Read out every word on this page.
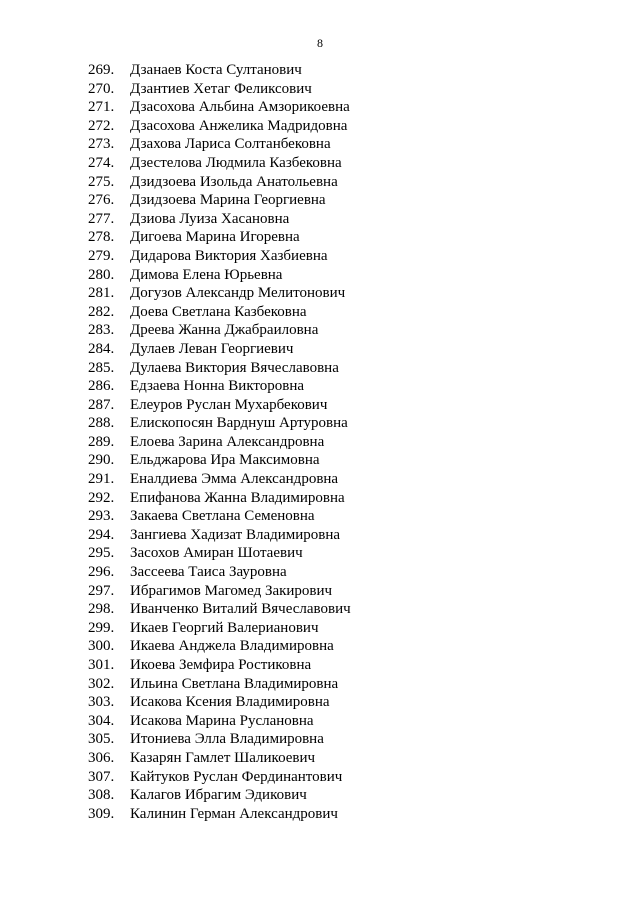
8
269.	Дзанаев Коста Султанович
270.	Дзантиев Хетаг Феликсович
271.	Дзасохова Альбина Амзорикоевна
272.	Дзасохова Анжелика Мадридовна
273.	Дзахова Лариса Солтанбековна
274.	Дзестелова Людмила Казбековна
275.	Дзидзоева Изольда Анатольевна
276.	Дзидзоева Марина Георгиевна
277.	Дзиова Луиза Хасановна
278.	Дигоева Марина Игоревна
279.	Дидарова Виктория Хазбиевна
280.	Димова Елена Юрьевна
281.	Догузов Александр Мелитонович
282.	Доева Светлана Казбековна
283.	Дреева Жанна Джабраиловна
284.	Дулаев Леван Георгиевич
285.	Дулаева Виктория Вячеславовна
286.	Едзаева Нонна Викторовна
287.	Елеуров Руслан Мухарбекович
288.	Елископосян Варднуш Артуровна
289.	Елоева Зарина Александровна
290.	Ельджарова Ира Максимовна
291.	Еналдиева Эмма Александровна
292.	Епифанова Жанна Владимировна
293.	Закаева Светлана Семеновна
294.	Зангиева Хадизат Владимировна
295.	Засохов Амиран Шотаевич
296.	Зассеева Таиса Зауровна
297.	Ибрагимов Магомед Закирович
298.	Иванченко Виталий Вячеславович
299.	Икаев Георгий Валерианович
300.	Икаева Анджела Владимировна
301.	Икоева Земфира Ростиковна
302.	Ильина Светлана Владимировна
303.	Исакова Ксения Владимировна
304.	Исакова Марина Руслановна
305.	Итониева Элла Владимировна
306.	Казарян Гамлет Шаликоевич
307.	Кайтуков Руслан Фердинантович
308.	Калагов Ибрагим Эдикович
309.	Калинин Герман Александрович
